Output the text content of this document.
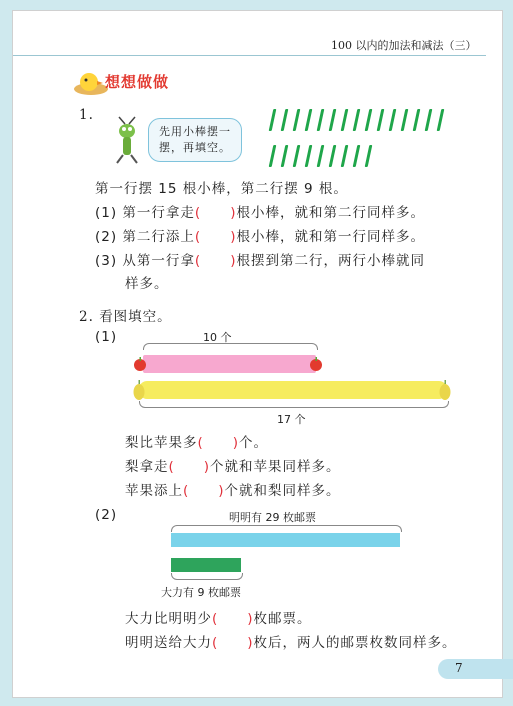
100 以内的加法和减法（三）
想想做做
1.
先用小棒摆一
摆，再填空。
第一行摆 15 根小棒，第二行摆 9 根。
(1) 第一行拿走(　　)根小棒，就和第二行同样多。
(2) 第二行添上(　　)根小棒，就和第一行同样多。
(3) 从第一行拿(　　)根摆到第二行，两行小棒就同
样多。
2. 看图填空。
(1)	10 个
17 个
梨比苹果多(　　)个。
梨拿走(　　)个就和苹果同样多。
苹果添上(　　)个就和梨同样多。
(2)	明明有 29 枚邮票
大力有 9 枚邮票
大力比明明少(　　)枚邮票。
明明送给大力(　　)枚后，两人的邮票枚数同样多。
7
